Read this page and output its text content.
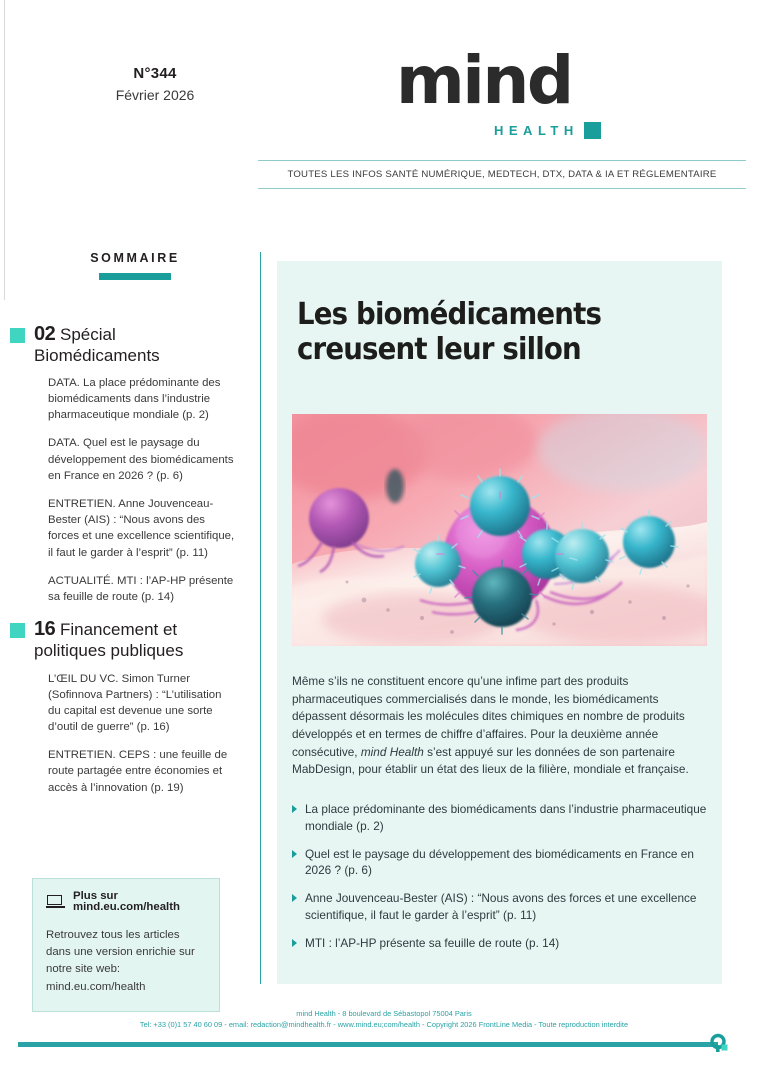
N°344
Février 2026	mind
HEALTH
TOUTES LES INFOS SANTÉ NUMÉRIQUE, MEDTECH, DTX, DATA & IA ET RÉGLEMENTAIRE
SOMMAIRE
02 Spécial Biomédicaments
DATA. La place prédominante des biomédicaments dans l’industrie pharmaceutique mondiale (p. 2)
DATA. Quel est le paysage du développement des biomédicaments en France en 2026 ? (p. 6)
ENTRETIEN. Anne Jouvenceau-Bester (AIS) : “Nous avons des forces et une excellence scientifique, il faut le garder à l’esprit” (p. 11)
ACTUALITÉ. MTI : l’AP-HP présente sa feuille de route (p. 14)
16 Financement et politiques publiques
L’ŒIL DU VC. Simon Turner (Sofinnova Partners) : “L’utilisation du capital est devenue une sorte d’outil de guerre” (p. 16)
ENTRETIEN. CEPS : une feuille de route partagée entre économies et accès à l’innovation (p. 19)
Plus sur mind.eu.com/health
Retrouvez tous les articles dans une version enrichie sur notre site web: mind.eu.com/health
Les biomédicaments creusent leur sillon
Même s’ils ne constituent encore qu’une infime part des produits pharmaceutiques commercialisés dans le monde, les biomédicaments dépassent désormais les molécules dites chimiques en nombre de produits développés et en termes de chiffre d’affaires. Pour la deuxième année consécutive, mind Health s’est appuyé sur les données de son partenaire MabDesign, pour établir un état des lieux de la filière, mondiale et française.
La place prédominante des biomédicaments dans l’industrie pharmaceutique mondiale (p. 2)
Quel est le paysage du développement des biomédicaments en France en 2026 ? (p. 6)
Anne Jouvenceau-Bester (AIS) : “Nous avons des forces et une excellence scientifique, il faut le garder à l’esprit” (p. 11)
MTI : l’AP-HP présente sa feuille de route (p. 14)
mind Health - 8 boulevard de Sébastopol 75004 Paris
Tel: +33 (0)1 57 40 60 09 - email: redaction@mindhealth.fr - www.mind.eu;com/health - Copyright 2026 FrontLine Media - Toute reproduction interdite
